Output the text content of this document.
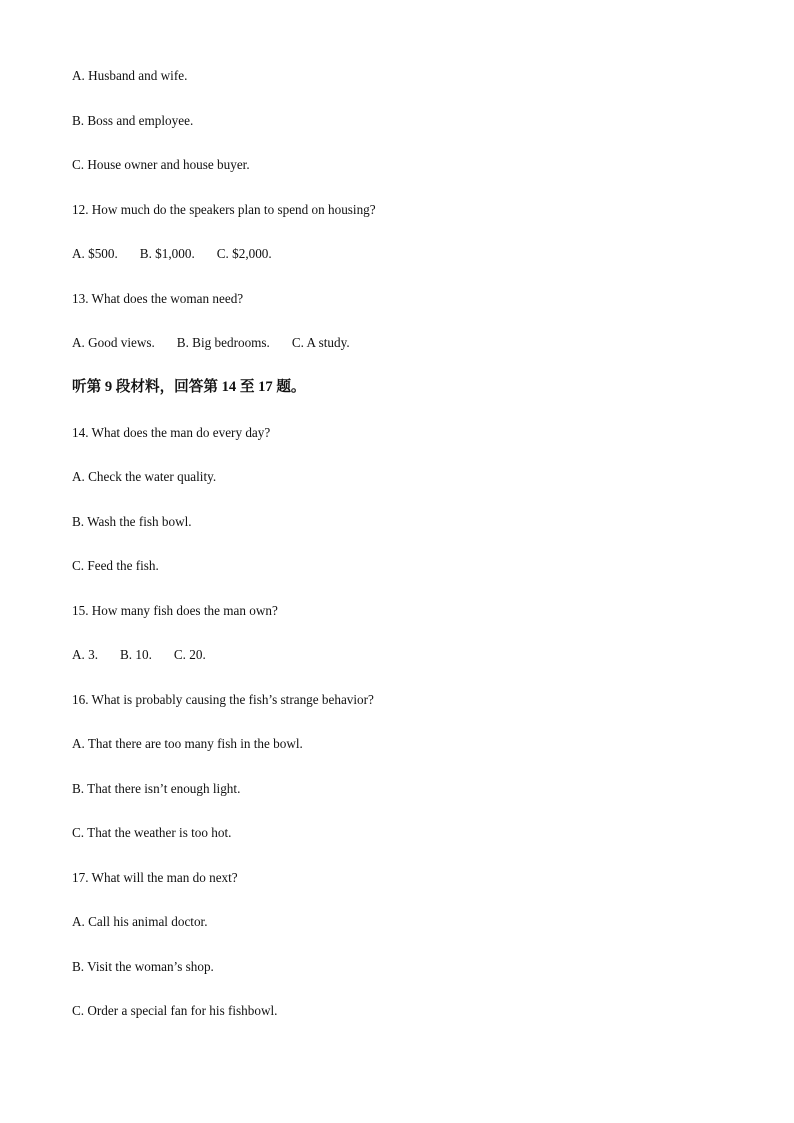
A. Husband and wife.
B. Boss and employee.
C. House owner and house buyer.
12. How much do the speakers plan to spend on housing?
A. $500. B. $1,000. C. $2,000.
13. What does the woman need?
A. Good views. B. Big bedrooms. C. A study.
听第 9 段材料，回答第 14 至 17 题。
14. What does the man do every day?
A. Check the water quality.
B. Wash the fish bowl.
C. Feed the fish.
15. How many fish does the man own?
A. 3. B. 10. C. 20.
16. What is probably causing the fish’s strange behavior?
A. That there are too many fish in the bowl.
B. That there isn’t enough light.
C. That the weather is too hot.
17. What will the man do next?
A. Call his animal doctor.
B. Visit the woman’s shop.
C. Order a special fan for his fishbowl.
